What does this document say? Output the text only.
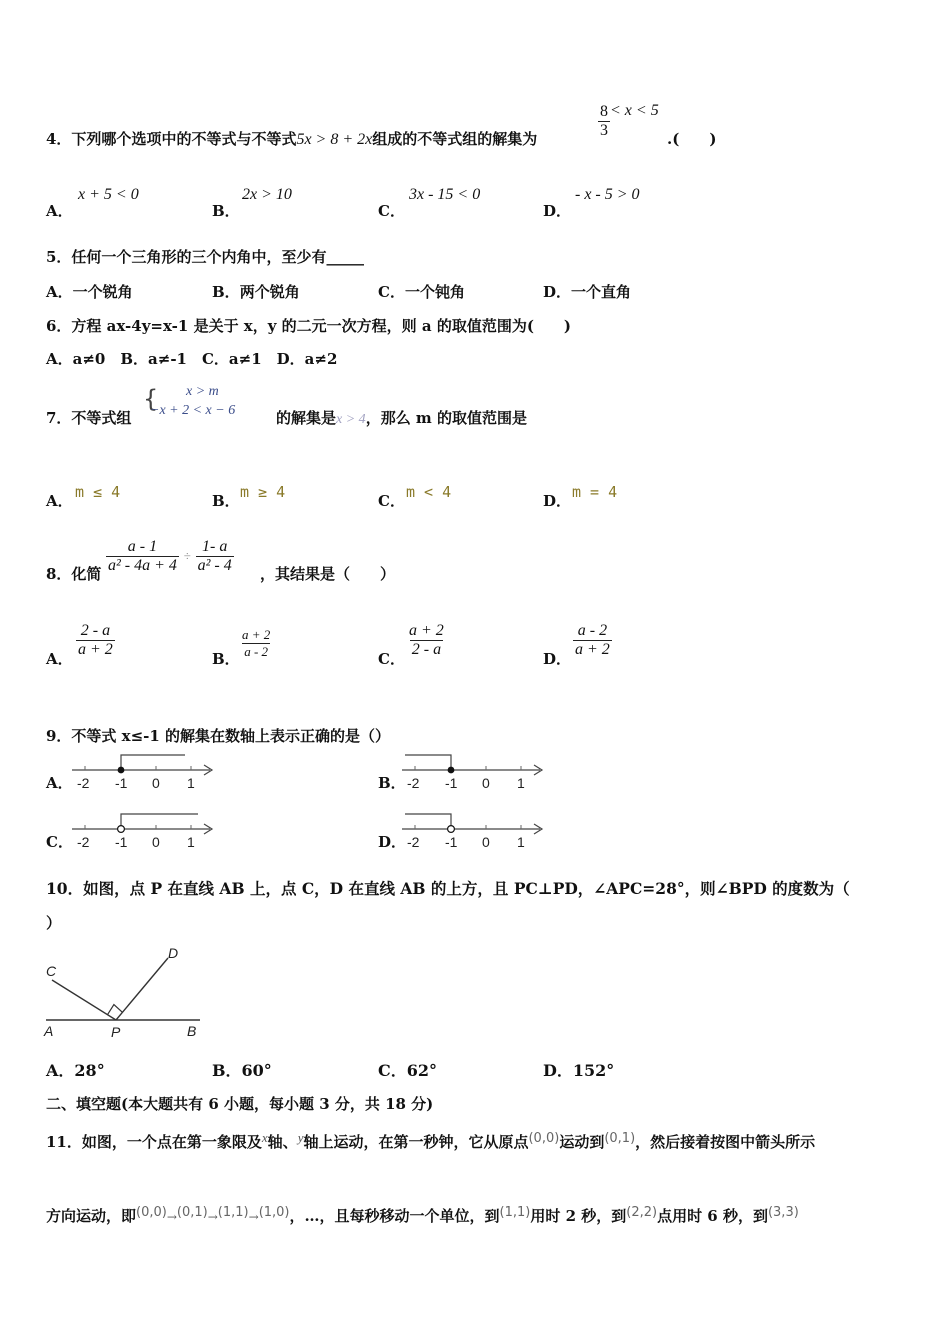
4．下列哪个选项中的不等式与不等式5x > 8 + 2x组成的不等式组的解集为	$\frac{8}{3} < x < 5$
.(　　)
A．
x + 5 < 0
B．
2x > 10
C．
3x - 15 < 0
D．
- x - 5 > 0
5．任何一个三角形的三个内角中，至少有_____
A．一个锐角	B．两个锐角	C．一个钝角	D．一个直角
6．方程 ax-4y=x-1 是关于 x，y 的二元一次方程，则 a 的取值范围为(　　)
A．a≠0　B．a≠-1　C．a≠1　D．a≠2
7．不等式组
{ x > m
−x + 2 < x − 6	的解集是x > 4，那么 m 的取值范围是
A． m ≤ 4	B． m ≥ 4	C． m < 4	D． m = 4
8．化简 $\frac{a - 1}{\text{a² - 4a + 4}} \div \frac{1- a}{\text{a² - 4}}$ ，其结果是（　　）
A． $\frac{2 - a}{a + 2}$	B． $\frac{a + 2}{a - 2}$	C． $\frac{a + 2}{2 - a}$	D． $\frac{a - 2}{a + 2}$
9．不等式 x≤-1 的解集在数轴上表示正确的是（）
A． -2 -1 0 1	B． -2 -1 0 1
C． -2 -1 0 1	D． -2 -1 0 1
10．如图，点 P 在直线 AB 上，点 C，D 在直线 AB 的上方，且 PC⊥PD，∠APC=28°，则∠BPD 的度数为（
）
C
D
A	P	B
A．28°	B．60°	C．62°	D．152°
二、填空题(本大题共有 6 小题，每小题 3 分，共 18 分)
11．如图，一个点在第一象限及x轴、y轴上运动，在第一秒钟，它从原点(0,0)运动到(0,1)，然后接着按图中箭头所示
方向运动，即(0,0)→(0,1)→(1,1)→(1,0)，…，且每秒移动一个单位，到(1,1)用时 2 秒，到(2,2)点用时 6 秒，到(3,3)
